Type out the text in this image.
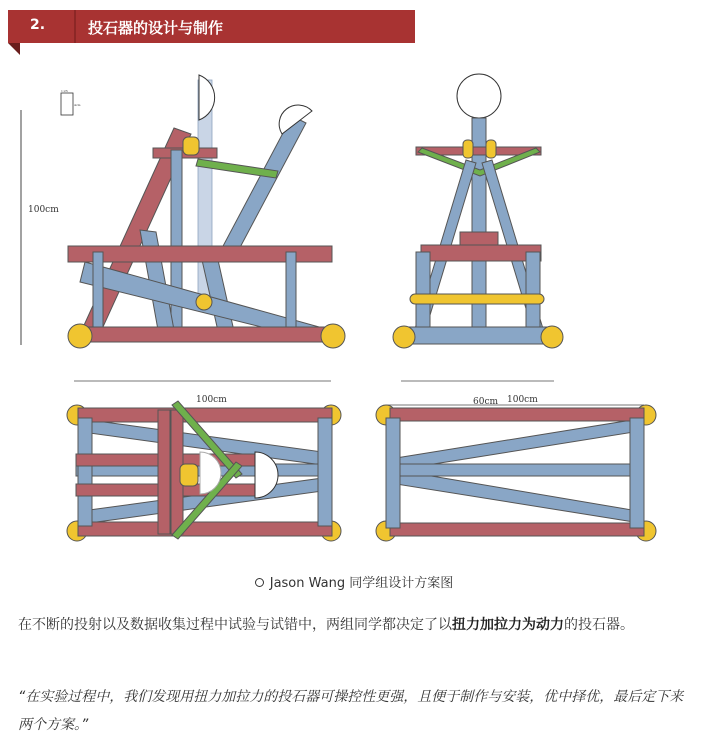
2.	投石器的设计与制作
1:25
4cm
100cm
100cm	60cm 100cm
Jason Wang 同学组设计方案图
在不断的投射以及数据收集过程中试验与试错中，两组同学都决定了以扭力加拉力为动力的投石器。
“在实验过程中，我们发现用扭力加拉力的投石器可操控性更强，且便于制作与安装，优中择优，最后定下来两个方案。”
